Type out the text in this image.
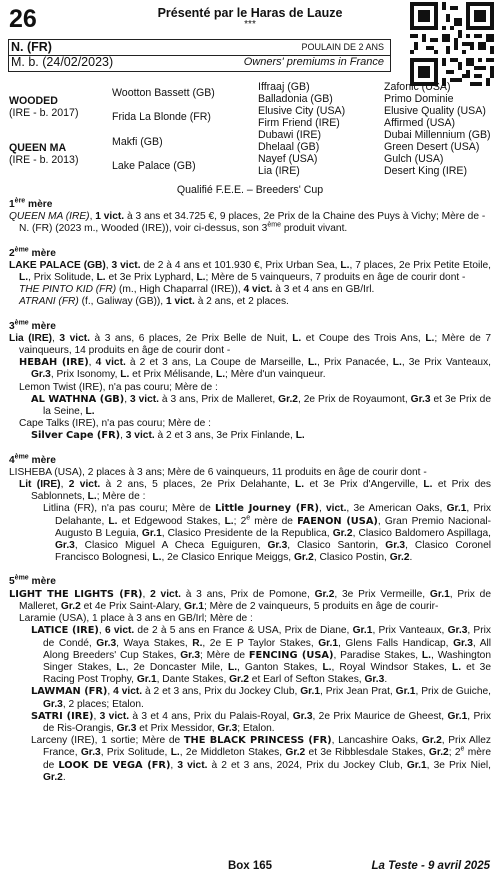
26	Présenté par le Haras de Lauze
***
N. (FR)
M. b. (24/02/2023)
POULAIN DE 2 ANS
Owners' premiums in France
WOODED
(IRE - b. 2017)
QUEEN MA
(IRE - b. 2013)
Wootton Bassett (GB)
Frida La Blonde (FR)
Makfi (GB)
Lake Palace (GB)
Iffraaj (GB)
Balladonia (GB)
Elusive City (USA)
Firm Friend (IRE)
Dubawi (IRE)
Dhelaal (GB)
Nayef (USA)
Lia (IRE)
Zafonic (USA)
Primo Dominie
Elusive Quality (USA)
Affirmed (USA)
Dubai Millennium (GB)
Green Desert (USA)
Gulch (USA)
Desert King (IRE)
Qualifié F.E.E. – Breeders' Cup
1ère mère

QUEEN MA (IRE), 1 vict. à 3 ans et 34.725 €, 9 places, 2e Prix de la Chaine des Puys à Vichy; Mère de -

N. (FR) (2023 m., Wooded (IRE)), voir ci-dessus, son 3ème produit vivant.

2ème mère

LAKE PALACE (GB), 3 vict. de 2 à 4 ans et 101.930 €, Prix Urban Sea, L., 7 places, 2e Prix Petite Etoile, L., Prix Solitude, L. et 3e Prix Lyphard, L.; Mère de 5 vainqueurs, 7 produits en âge de courir dont -

THE PINTO KID (FR) (m., High Chaparral (IRE)), 4 vict. à 3 et 4 ans en GB/Irl.

ATRANI (FR) (f., Galiway (GB)), 1 vict. à 2 ans, et 2 places.

3ème mère

Lia (IRE), 3 vict. à 3 ans, 6 places, 2e Prix Belle de Nuit, L. et Coupe des Trois Ans, L.; Mère de 7 vainqueurs, 14 produits en âge de courir dont -

HEBAH (IRE), 4 vict. à 2 et 3 ans, La Coupe de Marseille, L., Prix Panacée, L., 3e Prix Vanteaux, Gr.3, Prix Isonomy, L. et Prix Mélisande, L.; Mère d'un vainqueur.

Lemon Twist (IRE), n'a pas couru; Mère de :

AL WATHNA (GB), 3 vict. à 3 ans, Prix de Malleret, Gr.2, 2e Prix de Royaumont, Gr.3 et 3e Prix de la Seine, L.

Cape Talks (IRE), n'a pas couru; Mère de :

Silver Cape (FR), 3 vict. à 2 et 3 ans, 3e Prix Finlande, L.

4ème mère

LISHEBA (USA), 2 places à 3 ans; Mère de 6 vainqueurs, 11 produits en âge de courir dont -

Lit (IRE), 2 vict. à 2 ans, 5 places, 2e Prix Delahante, L. et 3e Prix d'Angerville, L. et Prix des Sablonnets, L.; Mère de :

Litlina (FR), n'a pas couru; Mère de Little Journey (FR), vict., 3e American Oaks, Gr.1, Prix Delahante, L. et Edgewood Stakes, L.; 2e mère de FAENON (USA), Gran Premio Nacional-Augusto B Leguia, Gr.1, Clasico Presidente de la Republica, Gr.2, Clasico Baldomero Aspillaga, Gr.3, Clasico Miguel A Checa Eguiguren, Gr.3, Clasico Santorin, Gr.3, Clasico Coronel Francisco Bolognesi, L., 2e Clasico Enrique Meiggs, Gr.2, Clasico Postin, Gr.2.

5ème mère

LIGHT THE LIGHTS (FR), 2 vict. à 3 ans, Prix de Pomone, Gr.2, 3e Prix Vermeille, Gr.1, Prix de Malleret, Gr.2 et 4e Prix Saint-Alary, Gr.1; Mère de 2 vainqueurs, 5 produits en âge de courir-

Laramie (USA), 1 place à 3 ans en GB/Irl; Mère de :

LATICE (IRE), 6 vict. de 2 à 5 ans en France & USA, Prix de Diane, Gr.1, Prix Vanteaux, Gr.3, Prix de Condé, Gr.3, Waya Stakes, R., 2e E P Taylor Stakes, Gr.1, Glens Falls Handicap, Gr.3, All Along Breeders' Cup Stakes, Gr.3; Mère de FENCING (USA), Paradise Stakes, L., Washington Singer Stakes, L., 2e Doncaster Mile, L., Ganton Stakes, L., Royal Windsor Stakes, L. et 3e Racing Post Trophy, Gr.1, Dante Stakes, Gr.2 et Earl of Sefton Stakes, Gr.3.

LAWMAN (FR), 4 vict. à 2 et 3 ans, Prix du Jockey Club, Gr.1, Prix Jean Prat, Gr.1, Prix de Guiche, Gr.3, 2 places; Etalon.

SATRI (IRE), 3 vict. à 3 et 4 ans, Prix du Palais-Royal, Gr.3, 2e Prix Maurice de Gheest, Gr.1, Prix de Ris-Orangis, Gr.3 et Prix Messidor, Gr.3; Etalon.

Larceny (IRE), 1 sortie; Mère de THE BLACK PRINCESS (FR), Lancashire Oaks, Gr.2, Prix Allez France, Gr.3, Prix Solitude, L., 2e Middleton Stakes, Gr.2 et 3e Ribblesdale Stakes, Gr.2; 2e mère de LOOK DE VEGA (FR), 3 vict. à 2 et 3 ans, 2024, Prix du Jockey Club, Gr.1, 3e Prix Niel, Gr.2.

Box 165	La Teste - 9 avril 2025
